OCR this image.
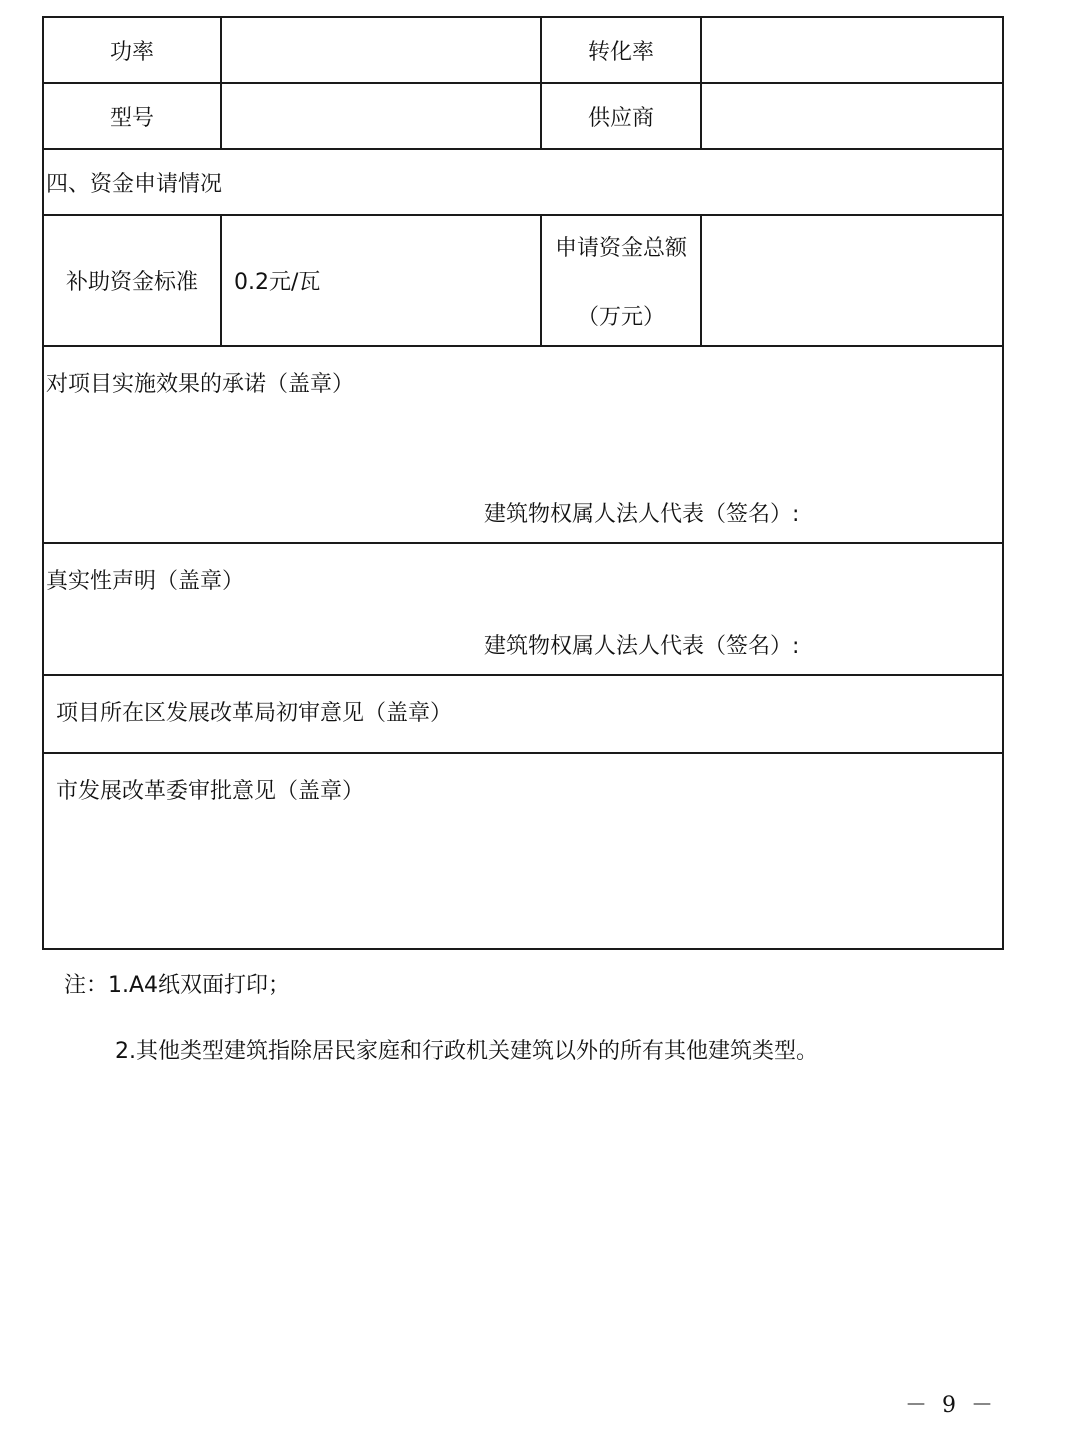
功率		转化率	
型号		供应商	
四、资金申请情况			
补助资金标准	0.2元/瓦	申请资金总额
（万元）	

对项目实施效果的承诺（盖章）
建筑物权属人法人代表（签名）:			

真实性声明（盖章）
建筑物权属人法人代表（签名）:			

项目所在区发展改革局初审意见（盖章）			

市发展改革委审批意见（盖章）			
注：1.A4纸双面打印；
2.其他类型建筑指除居民家庭和行政机关建筑以外的所有其他建筑类型。
－ 9 －
